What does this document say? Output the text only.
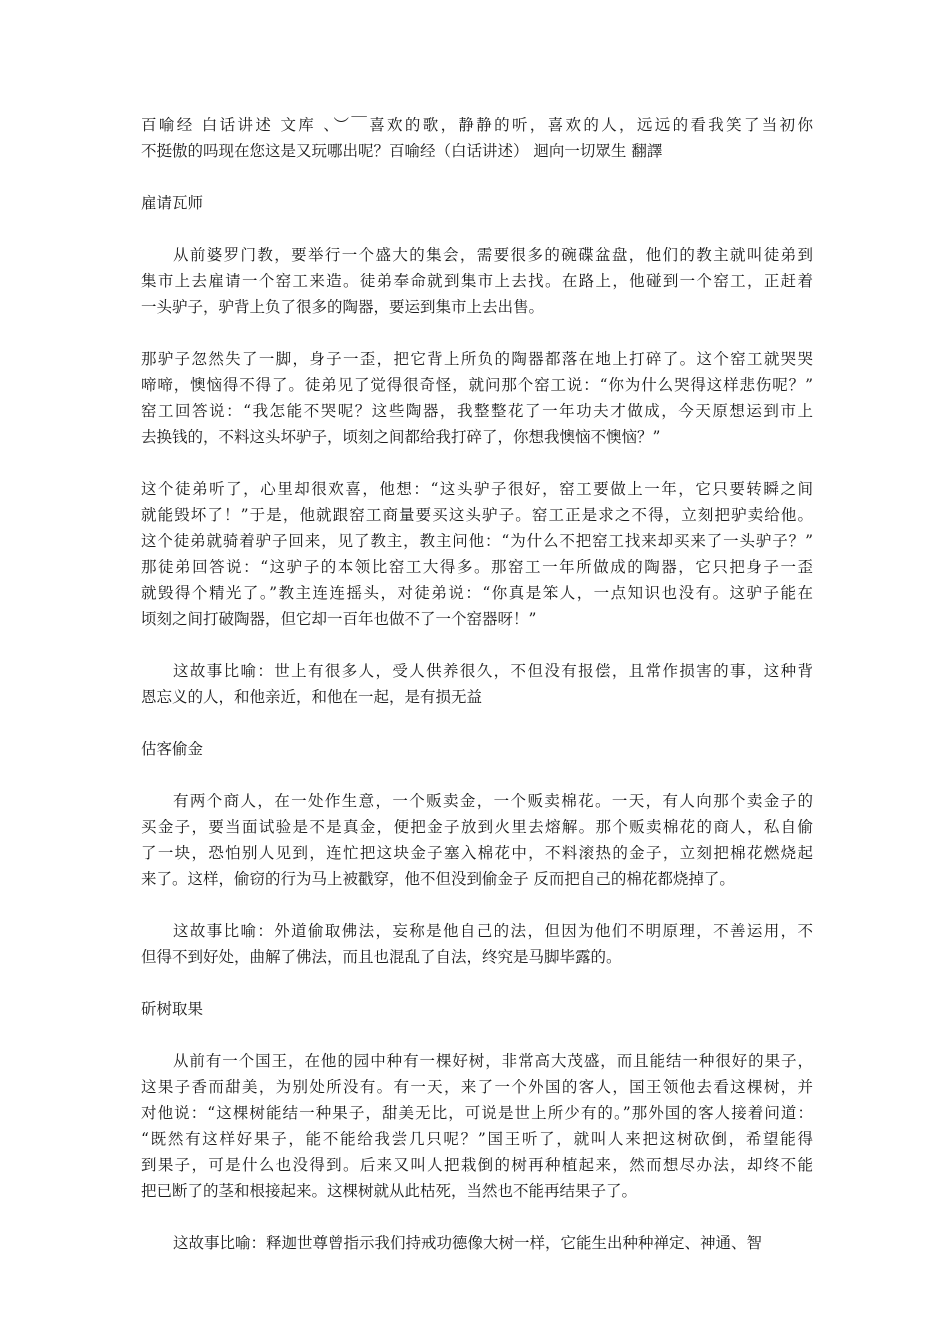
百喻经 白话讲述 文库 、︶￣喜欢的歌，静静的听，喜欢的人，远远的看我笑了当初你
不挺傲的吗现在您这是又玩哪出呢？百喻经（白话讲述） 迴向一切眾生 翻譯
雇请瓦师
从前婆罗门教，要举行一个盛大的集会，需要很多的碗碟盆盘，他们的教主就叫徒弟到
集市上去雇请一个窑工来造。徒弟奉命就到集市上去找。在路上，他碰到一个窑工，正赶着
一头驴子，驴背上负了很多的陶器，要运到集市上去出售。
那驴子忽然失了一脚，身子一歪，把它背上所负的陶器都落在地上打碎了。这个窑工就哭哭
啼啼，懊恼得不得了。徒弟见了觉得很奇怪，就问那个窑工说：“你为什么哭得这样悲伤呢？”
窑工回答说：“我怎能不哭呢？这些陶器，我整整花了一年功夫才做成，今天原想运到市上
去换钱的，不料这头坏驴子，顷刻之间都给我打碎了，你想我懊恼不懊恼？”
这个徒弟听了，心里却很欢喜，他想：“这头驴子很好，窑工要做上一年，它只要转瞬之间
就能毁坏了！”于是，他就跟窑工商量要买这头驴子。窑工正是求之不得，立刻把驴卖给他。
这个徒弟就骑着驴子回来，见了教主，教主问他：“为什么不把窑工找来却买来了一头驴子？”
那徒弟回答说：“这驴子的本领比窑工大得多。那窑工一年所做成的陶器，它只把身子一歪
就毁得个精光了。”教主连连摇头，对徒弟说：“你真是笨人，一点知识也没有。这驴子能在
顷刻之间打破陶器，但它却一百年也做不了一个窑器呀！”
这故事比喻：世上有很多人，受人供养很久，不但没有报偿，且常作损害的事，这种背
恩忘义的人，和他亲近，和他在一起，是有损无益
估客偷金
有两个商人，在一处作生意，一个贩卖金，一个贩卖棉花。一天，有人向那个卖金子的
买金子，要当面试验是不是真金，便把金子放到火里去熔解。那个贩卖棉花的商人，私自偷
了一块，恐怕别人见到，连忙把这块金子塞入棉花中，不料滚热的金子，立刻把棉花燃烧起
来了。这样，偷窃的行为马上被戳穿，他不但没到偷金子 反而把自己的棉花都烧掉了。
这故事比喻：外道偷取佛法，妄称是他自己的法，但因为他们不明原理，不善运用，不
但得不到好处，曲解了佛法，而且也混乱了自法，终究是马脚毕露的。
斫树取果
从前有一个国王，在他的园中种有一棵好树，非常高大茂盛，而且能结一种很好的果子，
这果子香而甜美，为别处所没有。有一天，来了一个外国的客人，国王领他去看这棵树，并
对他说：“这棵树能结一种果子，甜美无比，可说是世上所少有的。”那外国的客人接着问道：
“既然有这样好果子，能不能给我尝几只呢？”国王听了，就叫人来把这树砍倒，希望能得
到果子，可是什么也没得到。后来又叫人把栽倒的树再种植起来，然而想尽办法，却终不能
把已断了的茎和根接起来。这棵树就从此枯死，当然也不能再结果子了。
这故事比喻：释迦世尊曾指示我们持戒功德像大树一样，它能生出种种禅定、神通、智
